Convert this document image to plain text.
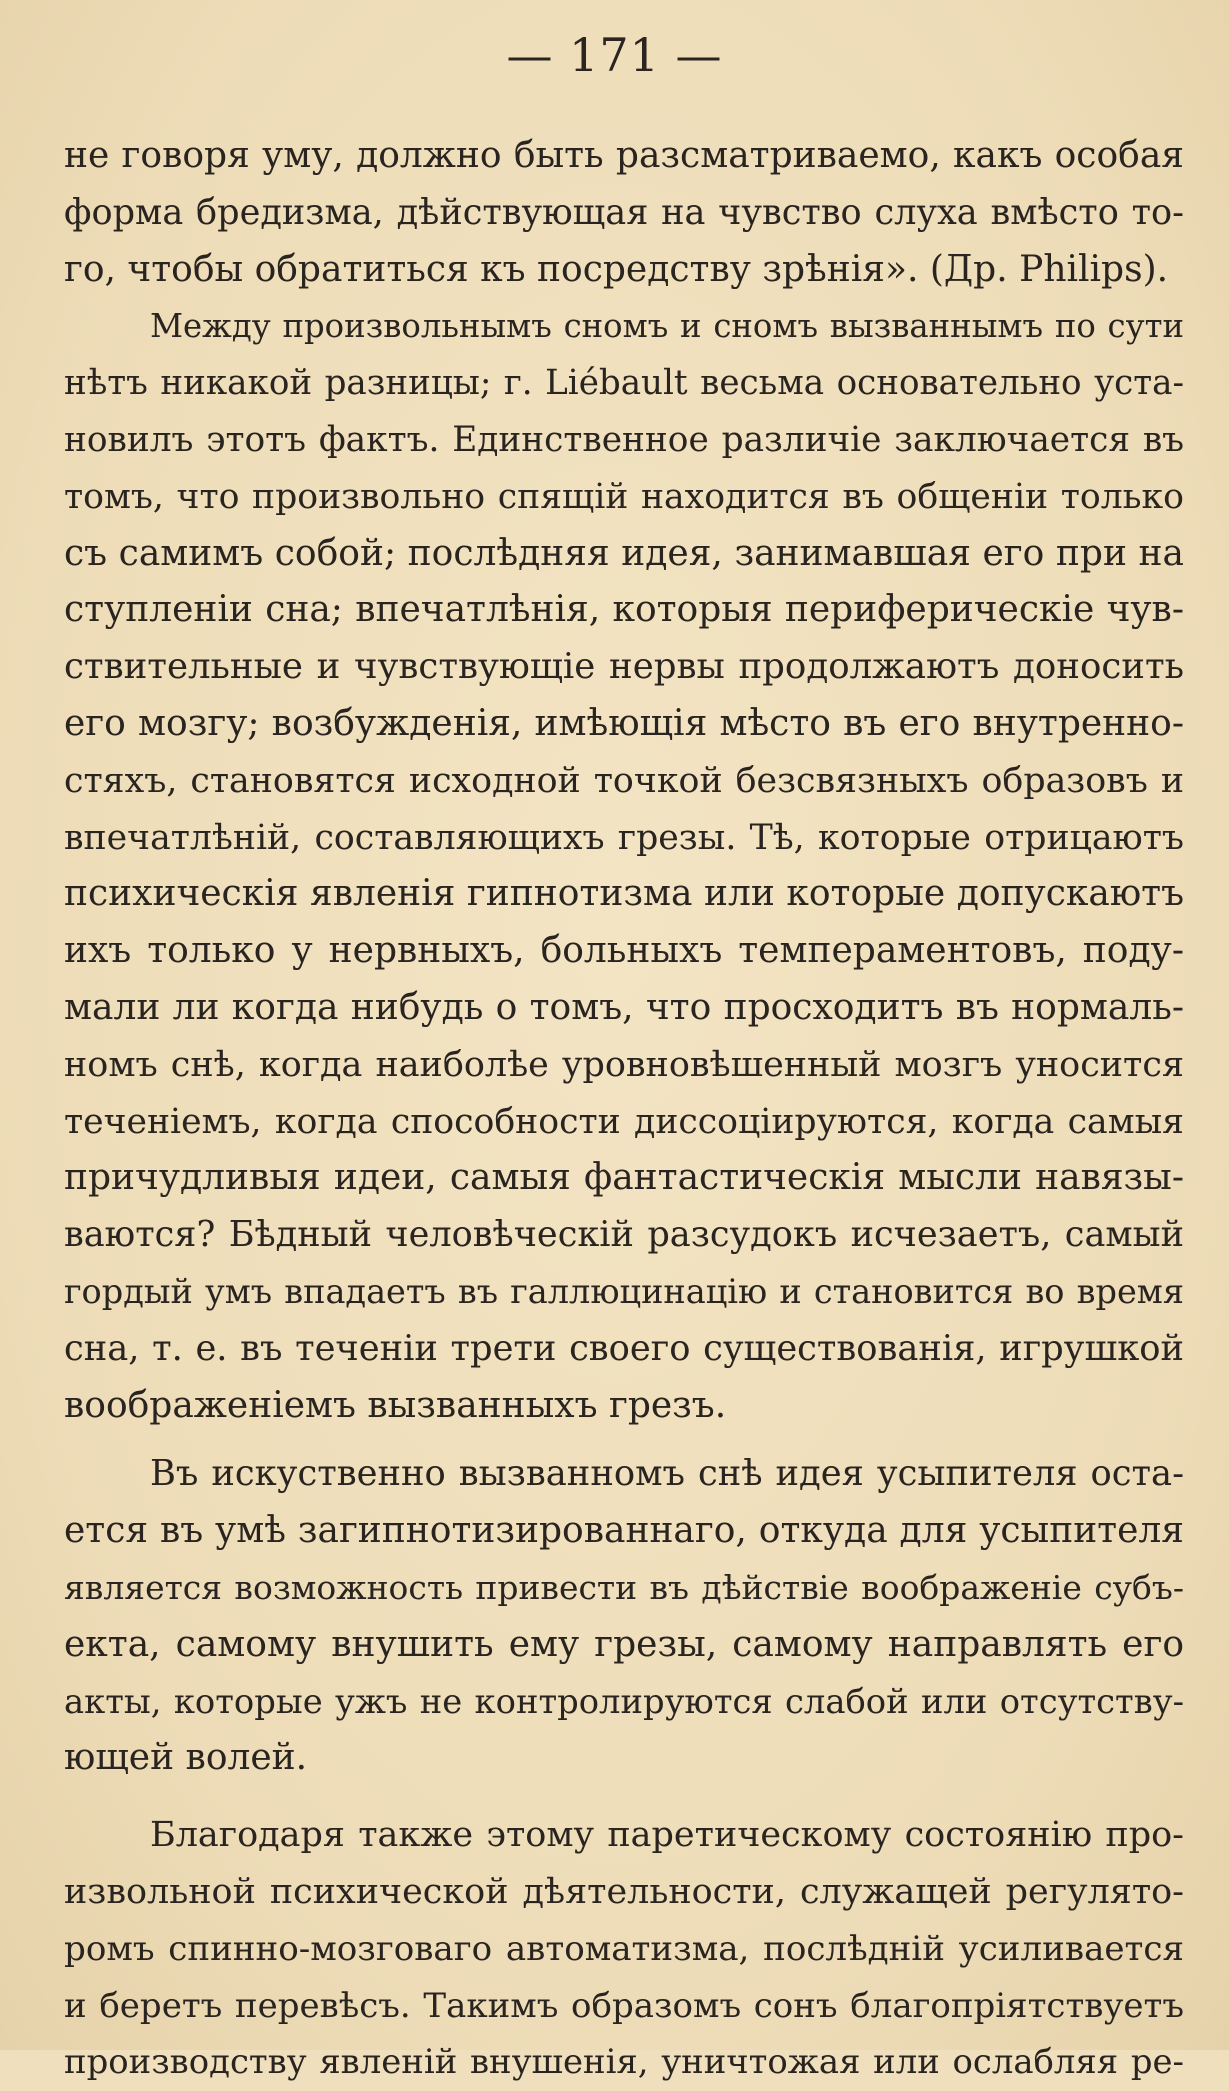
— 171 —
не говоря уму, должно быть разсматриваемо, какъ особая
форма бредизма, дѣйствующая на чувство слуха вмѣсто то-
го, чтобы обратиться къ посредству зрѣнія». (Др. Philips).
Между произвольнымъ сномъ и сномъ вызваннымъ по сути
нѣтъ никакой разницы; г. Liébault весьма основательно уста-
новилъ этотъ фактъ. Единственное различіе заключается въ
томъ, что произвольно спящій находится въ общеніи только
съ самимъ собой; послѣдняя идея, занимавшая его при на
ступленіи сна; впечатлѣнія, которыя периферическіе чув-
ствительные и чувствующіе нервы продолжаютъ доносить
его мозгу; возбужденія, имѣющія мѣсто въ его внутренно-
стяхъ, становятся исходной точкой безсвязныхъ образовъ и
впечатлѣній, составляющихъ грезы. Тѣ, которые отрицаютъ
психическія явленія гипнотизма или которые допускаютъ
ихъ только у нервныхъ, больныхъ темпераментовъ, поду-
мали ли когда нибудь о томъ, что просходитъ въ нормаль-
номъ снѣ, когда наиболѣе уровновѣшенный мозгъ уносится
теченіемъ, когда способности диссоціируются, когда самыя
причудливыя идеи, самыя фантастическія мысли навязы-
ваются? Бѣдный человѣческій разсудокъ исчезаетъ, самый
гордый умъ впадаетъ въ галлюцинацію и становится во время
сна, т. е. въ теченіи трети своего существованія, игрушкой
воображеніемъ вызванныхъ грезъ.
Въ искуственно вызванномъ снѣ идея усыпителя оста-
ется въ умѣ загипнотизированнаго, откуда для усыпителя
является возможность привести въ дѣйствіе воображеніе субъ-
екта, самому внушить ему грезы, самому направлять его
акты, которые ужъ не контролируются слабой или отсутству-
ющей волей.
Благодаря также этому паретическому состоянію про-
извольной психической дѣятельности, служащей регулято-
ромъ спинно-мозговаго автоматизма, послѣдній усиливается
и беретъ перевѣсъ. Такимъ образомъ сонъ благопріятствуетъ
производству явленій внушенія, уничтожая или ослабляя ре-
